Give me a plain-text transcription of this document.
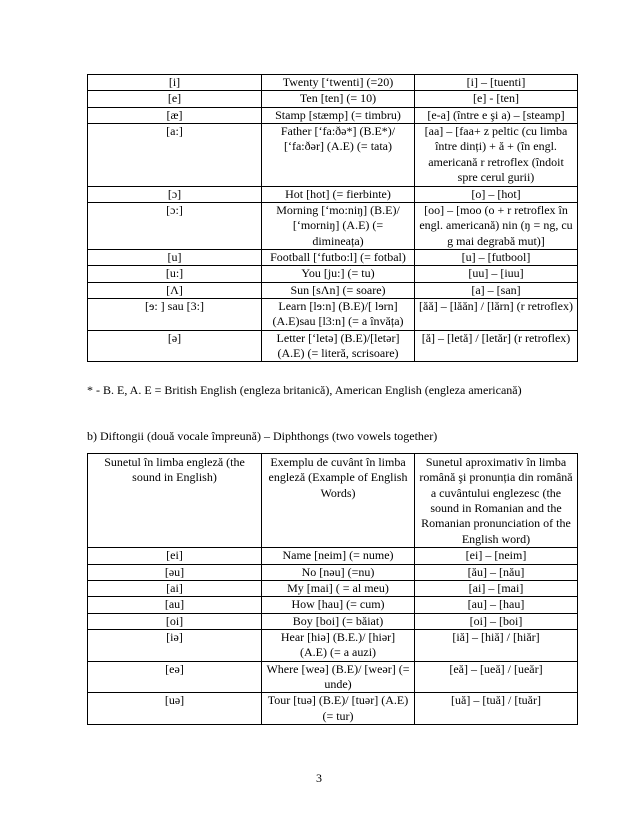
[i]	Twenty [‘twenti] (=20)	[i] – [tuenti]
[e]	Ten [ten] (= 10)	[e] - [ten]
[æ]	Stamp [stæmp] (= timbru)	[e-a] (între e şi a) – [steamp]
[a:]	Father [‘fa:ðə*] (B.E*)/ [‘fa:ðər] (A.E) (= tata)	[aa] – [faa+ z peltic (cu limba între dinți) + ă + (în engl. americană r retroflex (îndoit spre cerul gurii)
[ɔ]	Hot [hot] (= fierbinte)	[o] – [hot]
[ɔ:]	Morning [‘mo:niŋ] (B.E)/ [‘morniŋ] (A.E) (= dimineața)	[oo] – [moo (o + r retroflex în engl. americană) nin (ŋ = ng, cu g mai degrabă mut)]
[u]	Football [‘futbo:l] (= fotbal)	[u] – [futbool]
[u:]	You [ju:] (= tu)	[uu] – [iuu]
[Λ]	Sun [sΛn] (= soare)	[a] – [san]
[ɘ: ] sau [3:]	Learn [lɘ:n] (B.E)/[ lɘrn](A.E)sau [l3:n] (= a învăța)	[ăă] – [lăăn] / [lărn] (r retroflex)
[ə]	Letter [‘letə] (B.E)/[letər] (A.E) (= literă, scrisoare)	[ă] – [letă] / [letăr] (r retroflex)
* - B. E, A. E = British English (engleza britanică), American English (engleza americană)
b) Diftongii (două vocale împreună) – Diphthongs (two vowels together)
Sunetul în limba engleză (the sound in English)	Exemplu de cuvânt în limba engleză (Example of English Words)	Sunetul aproximativ în limba română şi pronunția din română a cuvântului englezesc (the sound in Romanian and the Romanian pronunciation of the English word)
[ei]	Name [neim] (= nume)	[ei] – [neim]
[əu]	No [nəu] (=nu)	[ău] – [nău]
[ai]	My [mai] ( = al meu)	[ai] – [mai]
[au]	How [hau] (= cum)	[au] – [hau]
[oi]	Boy [boi] (= băiat)	[oi] – [boi]
[iə]	Hear [hiə] (B.E.)/ [hiər] (A.E) (= a auzi)	[iă] – [hiă] / [hiăr]
[eə]	Where [weə] (B.E)/ [weər] (= unde)	[eă] – [ueă] / [ueăr]
[uə]	Tour [tuə] (B.E)/ [tuər] (A.E) (= tur)	[uă] – [tuă] / [tuăr]
3
